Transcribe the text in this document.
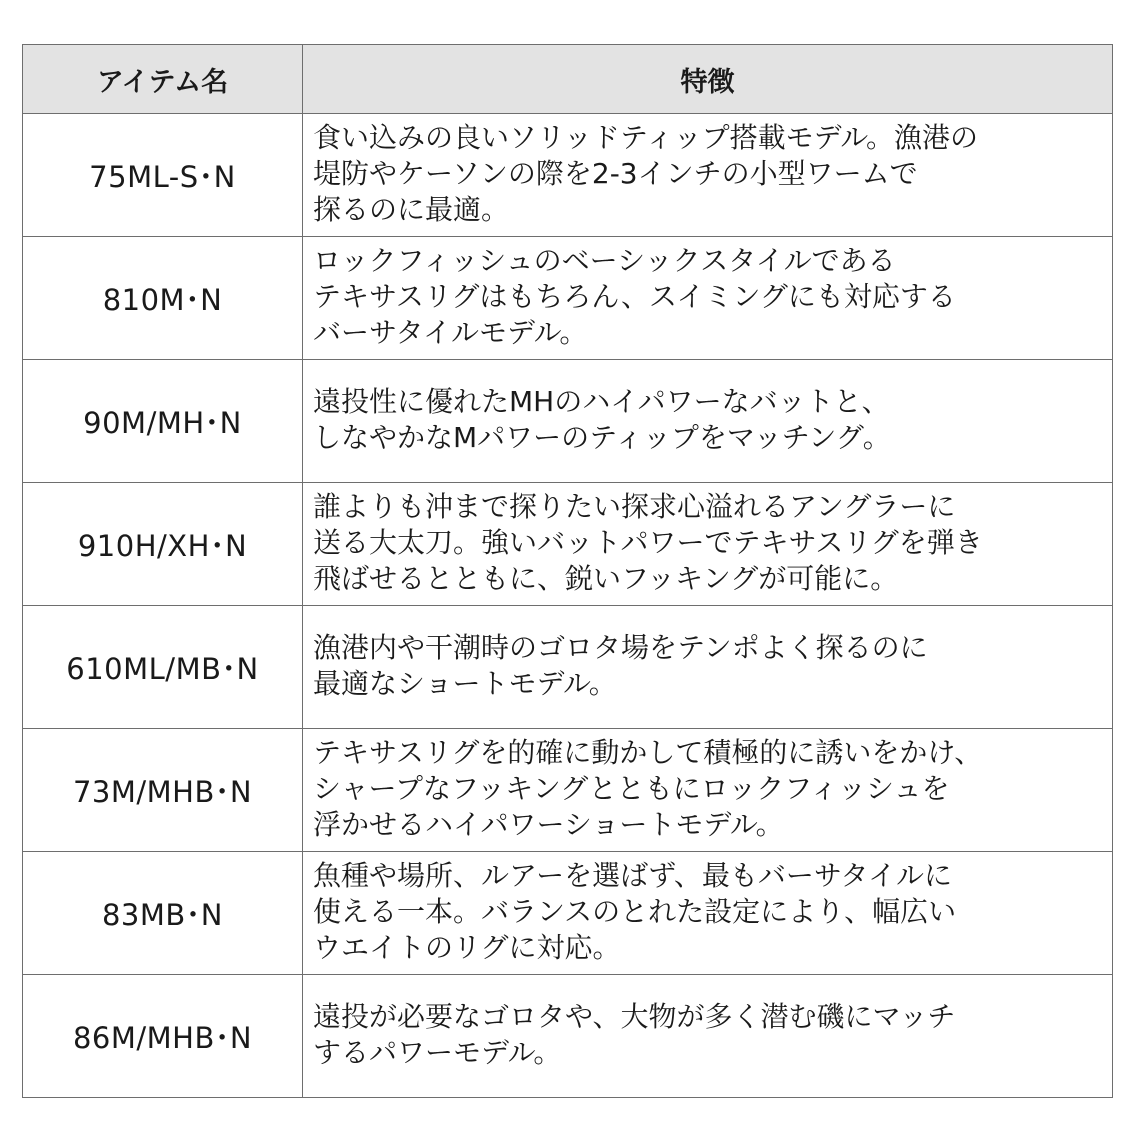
アイテム名	特徴
75ML-S･N	食い込みの良いソリッドティップ搭載モデル。漁港の
堤防やケーソンの際を2-3インチの小型ワームで
探るのに最適。

810M･N	ロックフィッシュのベーシックスタイルである
テキサスリグはもちろん、スイミングにも対応する
バーサタイルモデル。

90M/MH･N	遠投性に優れたMHのハイパワーなバットと、
しなやかなMパワーのティップをマッチング。

910H/XH･N	誰よりも沖まで探りたい探求心溢れるアングラーに
送る大太刀。強いバットパワーでテキサスリグを弾き
飛ばせるとともに、鋭いフッキングが可能に。

610ML/MB･N	漁港内や干潮時のゴロタ場をテンポよく探るのに
最適なショートモデル。

73M/MHB･N	テキサスリグを的確に動かして積極的に誘いをかけ、
シャープなフッキングとともにロックフィッシュを
浮かせるハイパワーショートモデル。

83MB･N	魚種や場所、ルアーを選ばず、最もバーサタイルに
使える一本。バランスのとれた設定により、幅広い
ウエイトのリグに対応。

86M/MHB･N	遠投が必要なゴロタや、大物が多く潜む磯にマッチ
するパワーモデル。
